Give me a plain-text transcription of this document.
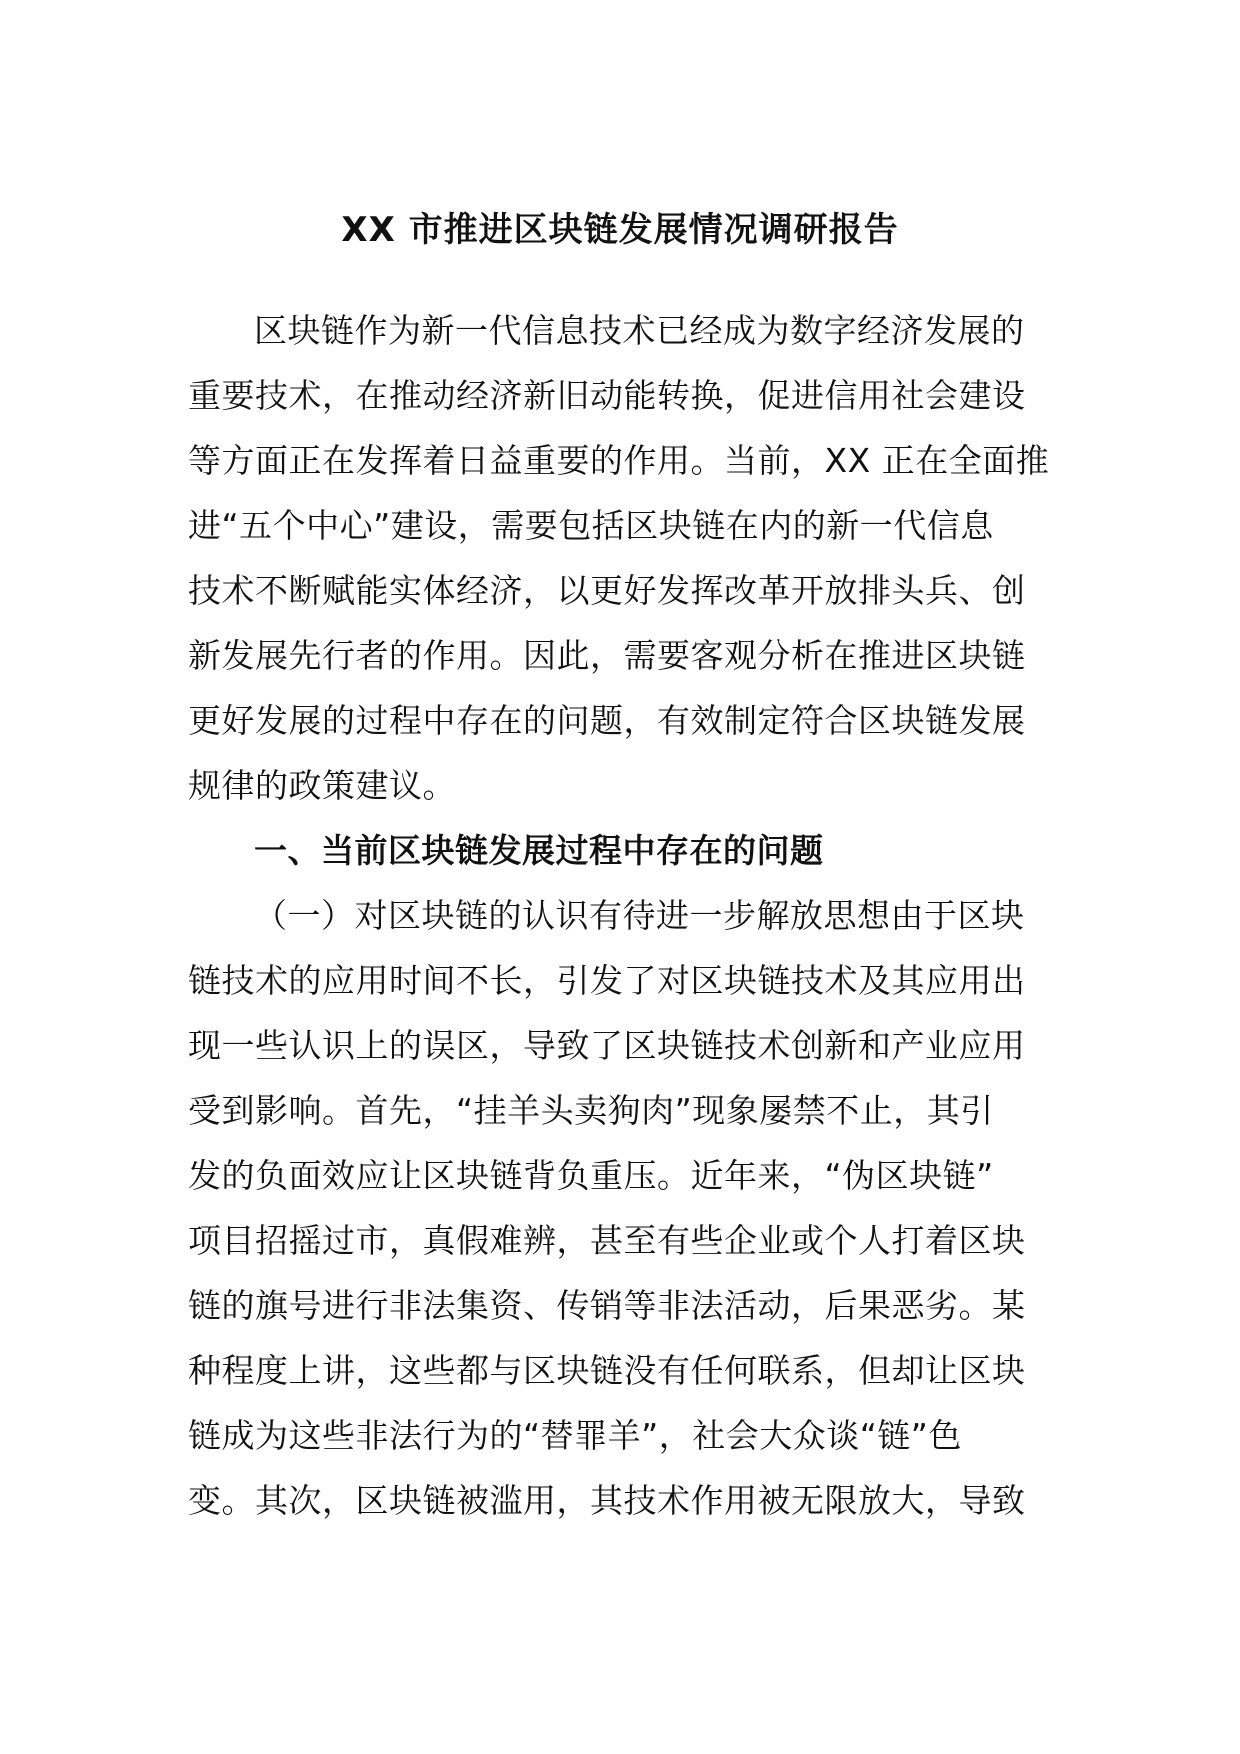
XX 市推进区块链发展情况调研报告
区块链作为新一代信息技术已经成为数字经济发展的
重要技术，在推动经济新旧动能转换，促进信用社会建设
等方面正在发挥着日益重要的作用。当前，XX 正在全面推
进“五个中心”建设，需要包括区块链在内的新一代信息
技术不断赋能实体经济，以更好发挥改革开放排头兵、创
新发展先行者的作用。因此，需要客观分析在推进区块链
更好发展的过程中存在的问题，有效制定符合区块链发展
规律的政策建议。
一、当前区块链发展过程中存在的问题
（一）对区块链的认识有待进一步解放思想由于区块
链技术的应用时间不长，引发了对区块链技术及其应用出
现一些认识上的误区，导致了区块链技术创新和产业应用
受到影响。首先，“挂羊头卖狗肉”现象屡禁不止，其引
发的负面效应让区块链背负重压。近年来，“伪区块链”
项目招摇过市，真假难辨，甚至有些企业或个人打着区块
链的旗号进行非法集资、传销等非法活动，后果恶劣。某
种程度上讲，这些都与区块链没有任何联系，但却让区块
链成为这些非法行为的“替罪羊”，社会大众谈“链”色
变。其次，区块链被滥用，其技术作用被无限放大，导致
